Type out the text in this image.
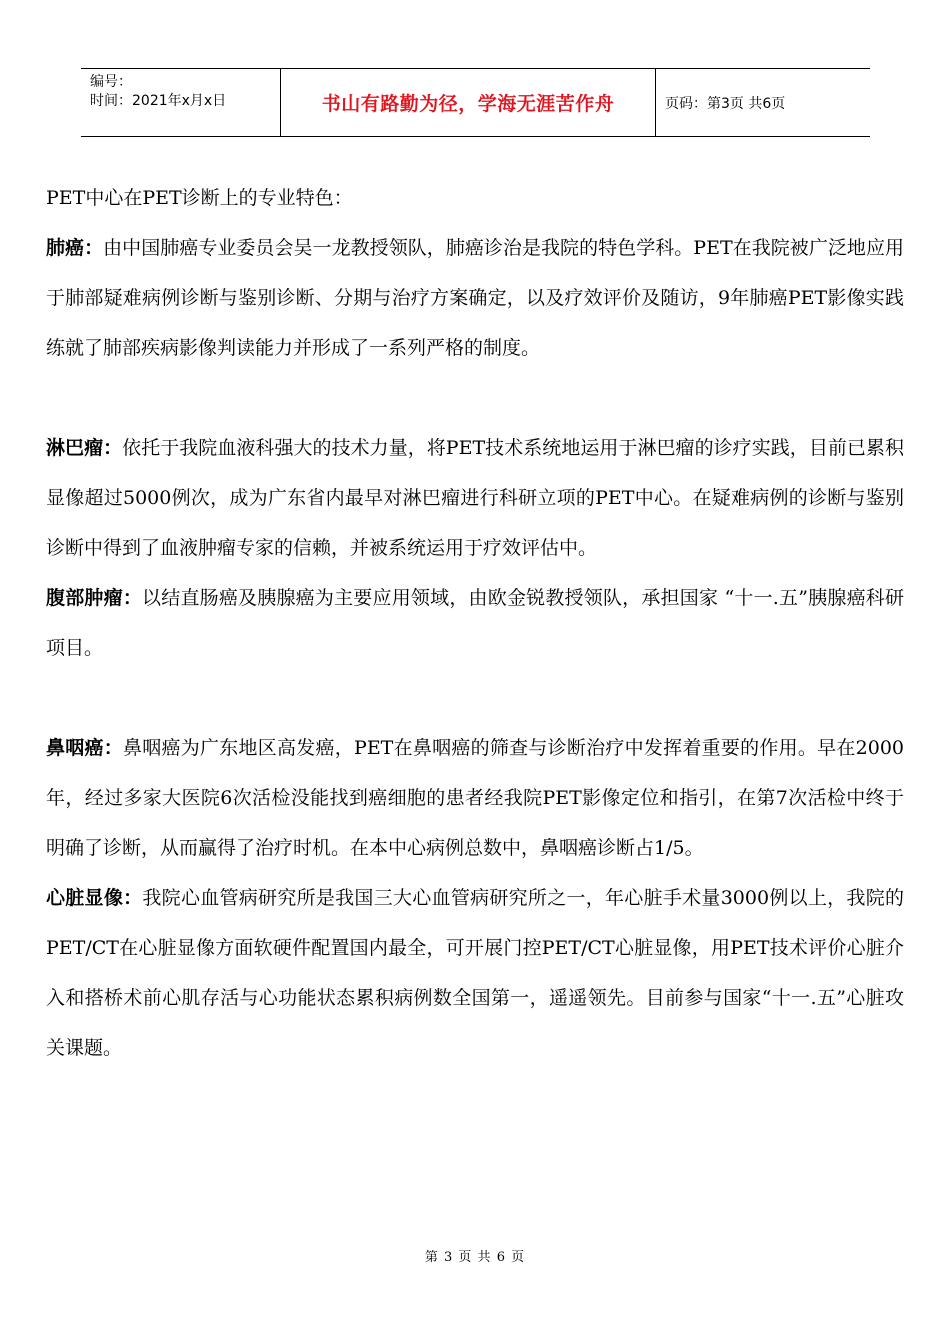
编号：
时间：2021年x月x日	书山有路勤为径，学海无涯苦作舟	页码：第3页 共6页

PET中心在PET诊断上的专业特色：

肺癌：由中国肺癌专业委员会吴一龙教授领队，肺癌诊治是我院的特色学科。PET在我院被广泛地应用于肺部疑难病例诊断与鉴别诊断、分期与治疗方案确定，以及疗效评价及随访，9年肺癌PET影像实践练就了肺部疾病影像判读能力并形成了一系列严格的制度。

淋巴瘤：依托于我院血液科强大的技术力量，将PET技术系统地运用于淋巴瘤的诊疗实践，目前已累积显像超过5000例次，成为广东省内最早对淋巴瘤进行科研立项的PET中心。在疑难病例的诊断与鉴别诊断中得到了血液肿瘤专家的信赖，并被系统运用于疗效评估中。

腹部肿瘤：以结直肠癌及胰腺癌为主要应用领域，由欧金锐教授领队，承担国家 “十一.五”胰腺癌科研项目。

鼻咽癌：鼻咽癌为广东地区高发癌，PET在鼻咽癌的筛查与诊断治疗中发挥着重要的作用。早在2000年，经过多家大医院6次活检没能找到癌细胞的患者经我院PET影像定位和指引，在第7次活检中终于明确了诊断，从而赢得了治疗时机。在本中心病例总数中，鼻咽癌诊断占1/5。

心脏显像：我院心血管病研究所是我国三大心血管病研究所之一，年心脏手术量3000例以上，我院的PET/CT在心脏显像方面软硬件配置国内最全，可开展门控PET/CT心脏显像，用PET技术评价心脏介入和搭桥术前心肌存活与心功能状态累积病例数全国第一，遥遥领先。目前参与国家“十一.五”心脏攻关课题。

第 3 页 共 6 页
